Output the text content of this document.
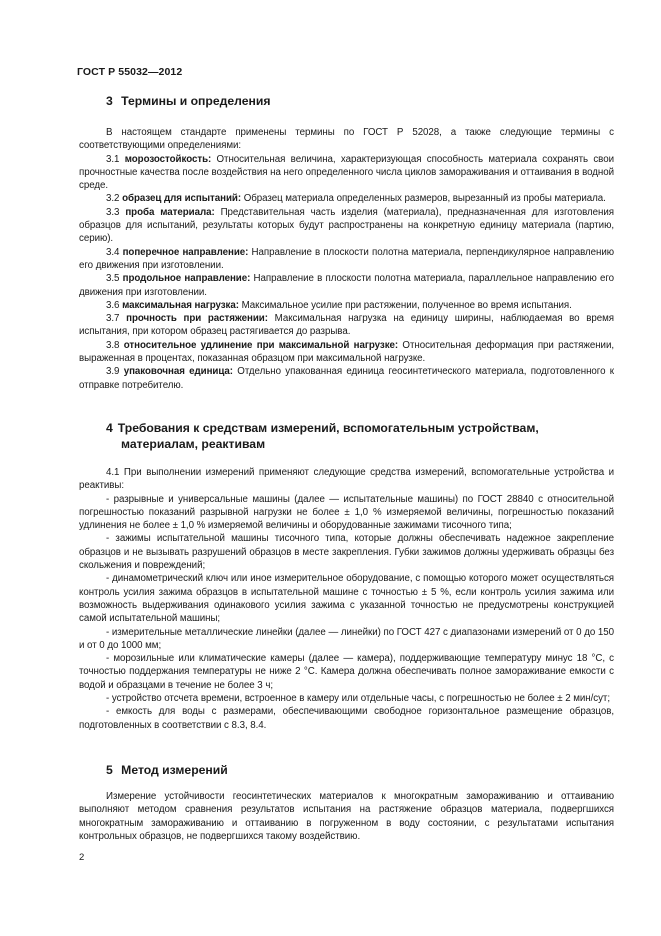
ГОСТ Р 55032—2012
3 Термины и определения

В настоящем стандарте применены термины по ГОСТ Р 52028, а также следующие термины с соответствующими определениями:

3.1 морозостойкость: Относительная величина, характеризующая способность материала сохранять свои прочностные качества после воздействия на него определенного числа циклов замораживания и оттаивания в водной среде.

3.2 образец для испытаний: Образец материала определенных размеров, вырезанный из пробы материала.

3.3 проба материала: Представительная часть изделия (материала), предназначенная для изготовления образцов для испытаний, результаты которых будут распространены на конкретную единицу материала (партию, серию).

3.4 поперечное направление: Направление в плоскости полотна материала, перпендикулярное направлению его движения при изготовлении.

3.5 продольное направление: Направление в плоскости полотна материала, параллельное направлению его движения при изготовлении.

3.6 максимальная нагрузка: Максимальное усилие при растяжении, полученное во время испытания.

3.7 прочность при растяжении: Максимальная нагрузка на единицу ширины, наблюдаемая во время испытания, при котором образец растягивается до разрыва.

3.8 относительное удлинение при максимальной нагрузке: Относительная деформация при растяжении, выраженная в процентах, показанная образцом при максимальной нагрузке.

3.9 упаковочная единица: Отдельно упакованная единица геосинтетического материала, подготовленного к отправке потребителю.

4 Требования к средствам измерений, вспомогательным устройствам,
материалам, реактивам

4.1 При выполнении измерений применяют следующие средства измерений, вспомогательные устройства и реактивы:

- разрывные и универсальные машины (далее — испытательные машины) по ГОСТ 28840 с относительной погрешностью показаний разрывной нагрузки не более ± 1,0 % измеряемой величины, погрешностью показаний удлинения не более ± 1,0 % измеряемой величины и оборудованные зажимами тисочного типа;

- зажимы испытательной машины тисочного типа, которые должны обеспечивать надежное закрепление образцов и не вызывать разрушений образцов в месте закрепления. Губки зажимов должны удерживать образцы без скольжения и повреждений;

- динамометрический ключ или иное измерительное оборудование, с помощью которого может осуществляться контроль усилия зажима образцов в испытательной машине с точностью ± 5 %, если контроль усилия зажима или возможность выдерживания одинакового усилия зажима с указанной точностью не предусмотрены конструкцией самой испытательной машины;

- измерительные металлические линейки (далее — линейки) по ГОСТ 427 с диапазонами измерений от 0 до 150 и от 0 до 1000 мм;

- морозильные или климатические камеры (далее — камера), поддерживающие температуру минус 18 °С, с точностью поддержания температуры не ниже 2 °С. Камера должна обеспечивать полное замораживание емкости с водой и образцами в течение не более 3 ч;

- устройство отсчета времени, встроенное в камеру или отдельные часы, с погрешностью не более ± 2 мин/сут;

- емкость для воды с размерами, обеспечивающими свободное горизонтальное размещение образцов, подготовленных в соответствии с 8.3, 8.4.

5 Метод измерений

Измерение устойчивости геосинтетических материалов к многократным замораживанию и оттаиванию выполняют методом сравнения результатов испытания на растяжение образцов материала, подвергшихся многократным замораживанию и оттаиванию в погруженном в воду состоянии, с результатами испытания контрольных образцов, не подвергшихся такому воздействию.

2
